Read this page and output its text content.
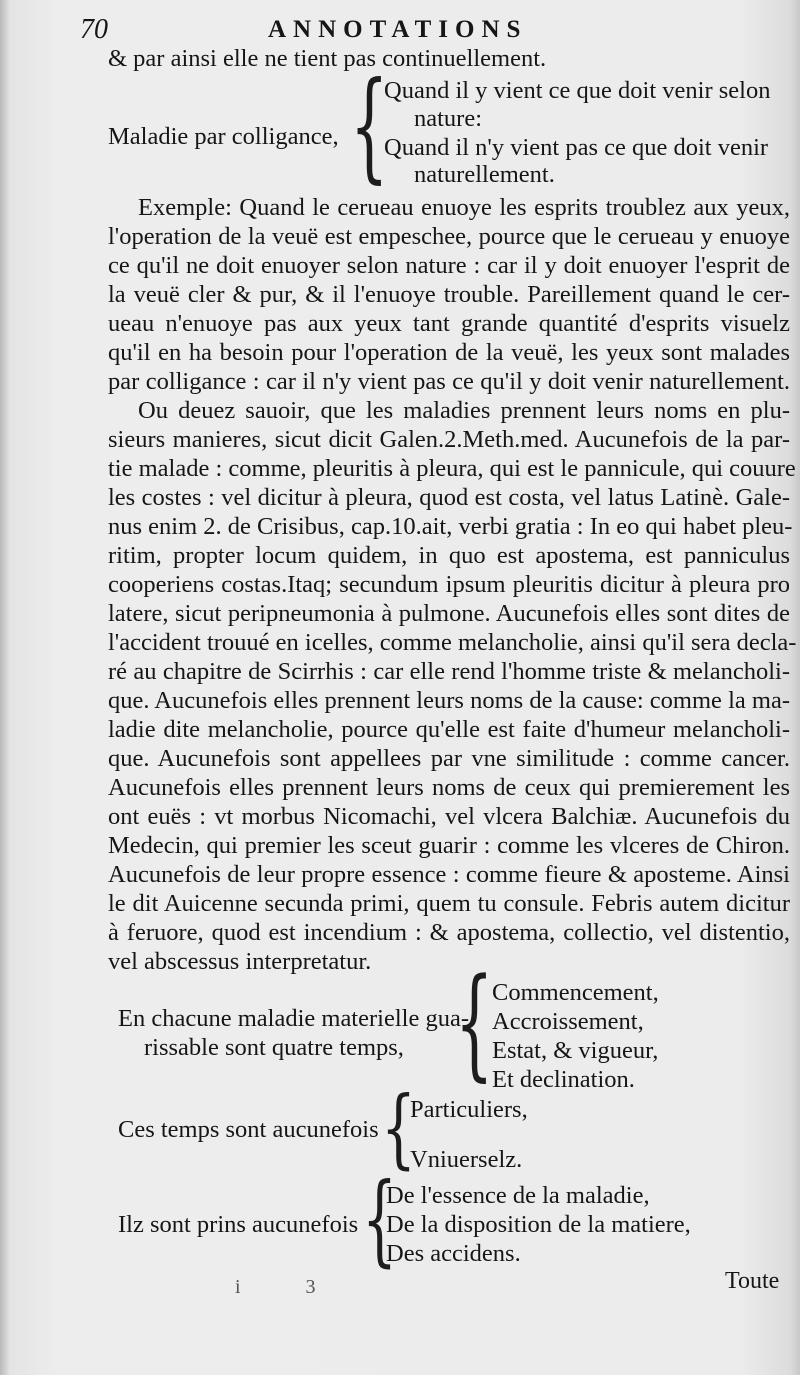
70	ANNOTATIONS
& par ainsi elle ne tient pas continuellement.
Maladie par colligance, {
Quand il y vient ce que doit venir selon
nature:
Quand il n'y vient pas ce que doit venir
naturellement.
Exemple: Quand le cerueau enuoye les esprits troublez aux yeux,
l'operation de la veuë est empeschee, pource que le cerueau y enuoye
ce qu'il ne doit enuoyer selon nature : car il y doit enuoyer l'esprit de
la veuë cler & pur, & il l'enuoye trouble. Pareillement quand le cer-
ueau n'enuoye pas aux yeux tant grande quantité d'esprits visuelz
qu'il en ha besoin pour l'operation de la veuë, les yeux sont malades
par colligance : car il n'y vient pas ce qu'il y doit venir naturellement.
Ou deuez sauoir, que les maladies prennent leurs noms en plu-
sieurs manieres, sicut dicit Galen.2.Meth.med. Aucunefois de la par-
tie malade : comme, pleuritis à pleura, qui est le pannicule, qui couure
les costes : vel dicitur à pleura, quod est costa, vel latus Latinè. Gale-
nus enim 2. de Crisibus, cap.10.ait, verbi gratia : In eo qui habet pleu-
ritim, propter locum quidem, in quo est apostema, est panniculus
cooperiens costas.Itaq; secundum ipsum pleuritis dicitur à pleura pro
latere, sicut peripneumonia à pulmone. Aucunefois elles sont dites de
l'accident trouué en icelles, comme melancholie, ainsi qu'il sera decla-
ré au chapitre de Scirrhis : car elle rend l'homme triste & melancholi-
que. Aucunefois elles prennent leurs noms de la cause: comme la ma-
ladie dite melancholie, pource qu'elle est faite d'humeur melancholi-
que. Aucunefois sont appellees par vne similitude : comme cancer.
Aucunefois elles prennent leurs noms de ceux qui premierement les
ont euës : vt morbus Nicomachi, vel vlcera Balchiæ. Aucunefois du
Medecin, qui premier les sceut guarir : comme les vlceres de Chiron.
Aucunefois de leur propre essence : comme fieure & aposteme. Ainsi
le dit Auicenne secunda primi, quem tu consule. Febris autem dicitur
à feruore, quod est incendium : & apostema, collectio, vel distentio,
vel abscessus interpretatur.
En chacune maladie materielle gua-
rissable sont quatre temps, {
Commencement,
Accroissement,
Estat, & vigueur,
Et declination.
Ces temps sont aucunefois {
Particuliers,
Vniuerselz.
Ilz sont prins aucunefois {
De l'essence de la maladie,
De la disposition de la matiere,
Des accidens.
i 3	Toute
